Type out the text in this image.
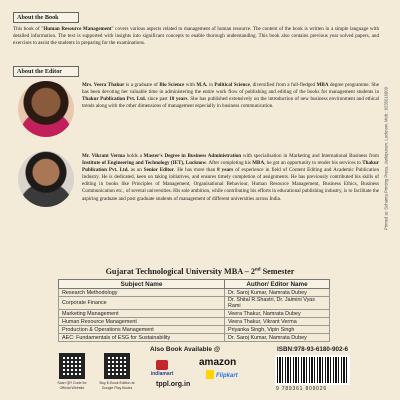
About the Book

This book of "Human Resource Management" covers various aspects related to management of human resource. The content of the book is written in a simple language with detailed information. The text is supported with insights into significant concepts to enable thorough understanding. This book also contains previous year solved papers, and exercises to assist the students in preparing for the examinations.

About the Editor

Mrs. Veera Thakur is a graduate of Bio Science with M.A. in Political Science, diversified from a full-fledged MBA degree programme. She has been devoting her valuable time in administering the entire work flow of publishing and editing of the books for management students in Thakur Publication Pvt. Ltd. since past 18 years. She has published extensively on the introduction of new business environment and ethical trends along with the other dimensions of management especially in business communication.

Mr. Vikrant Verma holds a Master's Degree in Business Administration with specialisation in Marketing and International Business from Institute of Engineering and Technology (IET), Lucknow. After completing his MBA, he got an opportunity to render his services to Thakur Publication Pvt. Ltd. as an Senior Editor. He has more than 8 years of experience in field of Content Editing and Academic Publication Industry. He is dedicated, keen on taking initiatives, and ensures timely completion of assignments. He has previously contributed his skills of editing in books like Principles of Management, Organisational Behaviour, Human Resource Management, Business Ethics, Business Communication etc., of several universities. His sole ambition, while contributing his efforts in educational publishing industry, is to facilitate the aspiring graduate and post graduate students of management of different universities across India.	Printed at: Sohanta Printing Press, Jankipuram, Lucknow, Mob.: 9235016809
Gujarat Technological University MBA – 2nd Semester
Subject Name	Author/ Editor Name
Research Methodology	Dr. Saroj Kumar, Namrata Dubey
Corporate Finance	Dr. Shital R.Shastri, Dr. Jaimini Vyas Rami
Marketing Management	Veera Thakur, Namrata Dubey
Human Resource Management	Veera Thakur, Vikrant Verma
Production & Operations Management	Priyanka Singh, Vipin Singh
AEC: Fundamentals of ESG for Sustainability	Dr. Saroj Kumar, Namrata Dubey
Scan QR Code for Official Website
Buy E-Book Edition at Google Play Books
Also Book Available @
indiamart
amazon
Flipkart
tppl.org.in
ISBN:978-93-6180-902-6
9 789361 809026
